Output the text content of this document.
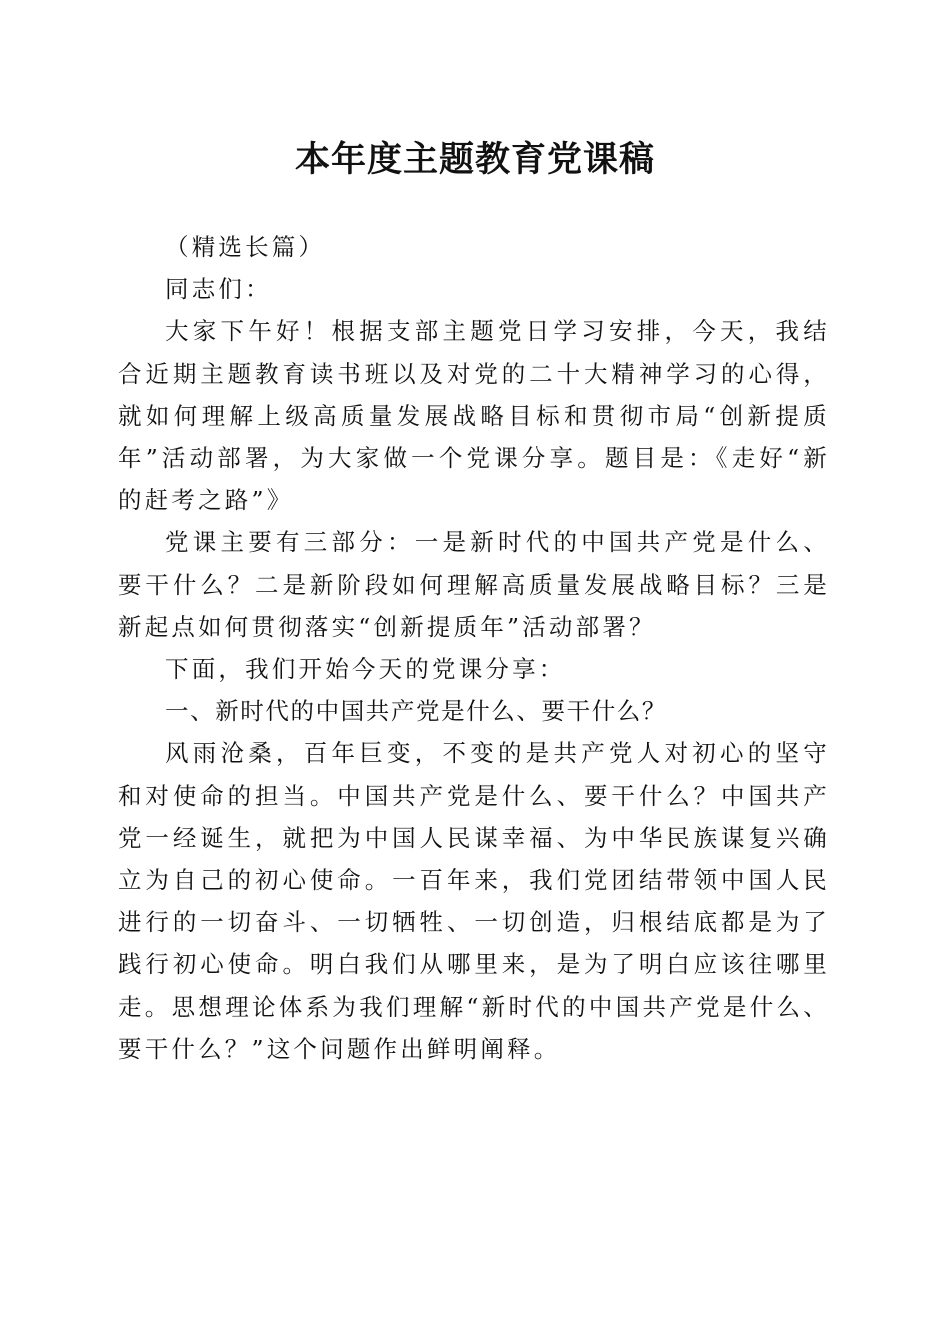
本年度主题教育党课稿

（精选长篇）

同志们：

大家下午好！根据支部主题党日学习安排，今天，我结合近期主题教育读书班以及对党的二十大精神学习的心得，就如何理解上级高质量发展战略目标和贯彻市局“创新提质年”活动部署，为大家做一个党课分享。题目是：《走好“新的赶考之路”》

党课主要有三部分：一是新时代的中国共产党是什么、要干什么？二是新阶段如何理解高质量发展战略目标？三是新起点如何贯彻落实“创新提质年”活动部署？

下面，我们开始今天的党课分享：

一、新时代的中国共产党是什么、要干什么？

风雨沧桑，百年巨变，不变的是共产党人对初心的坚守和对使命的担当。中国共产党是什么、要干什么？中国共产党一经诞生，就把为中国人民谋幸福、为中华民族谋复兴确立为自己的初心使命。一百年来，我们党团结带领中国人民进行的一切奋斗、一切牺牲、一切创造，归根结底都是为了践行初心使命。明白我们从哪里来，是为了明白应该往哪里走。思想理论体系为我们理解“新时代的中国共产党是什么、要干什么？”这个问题作出鲜明阐释。
